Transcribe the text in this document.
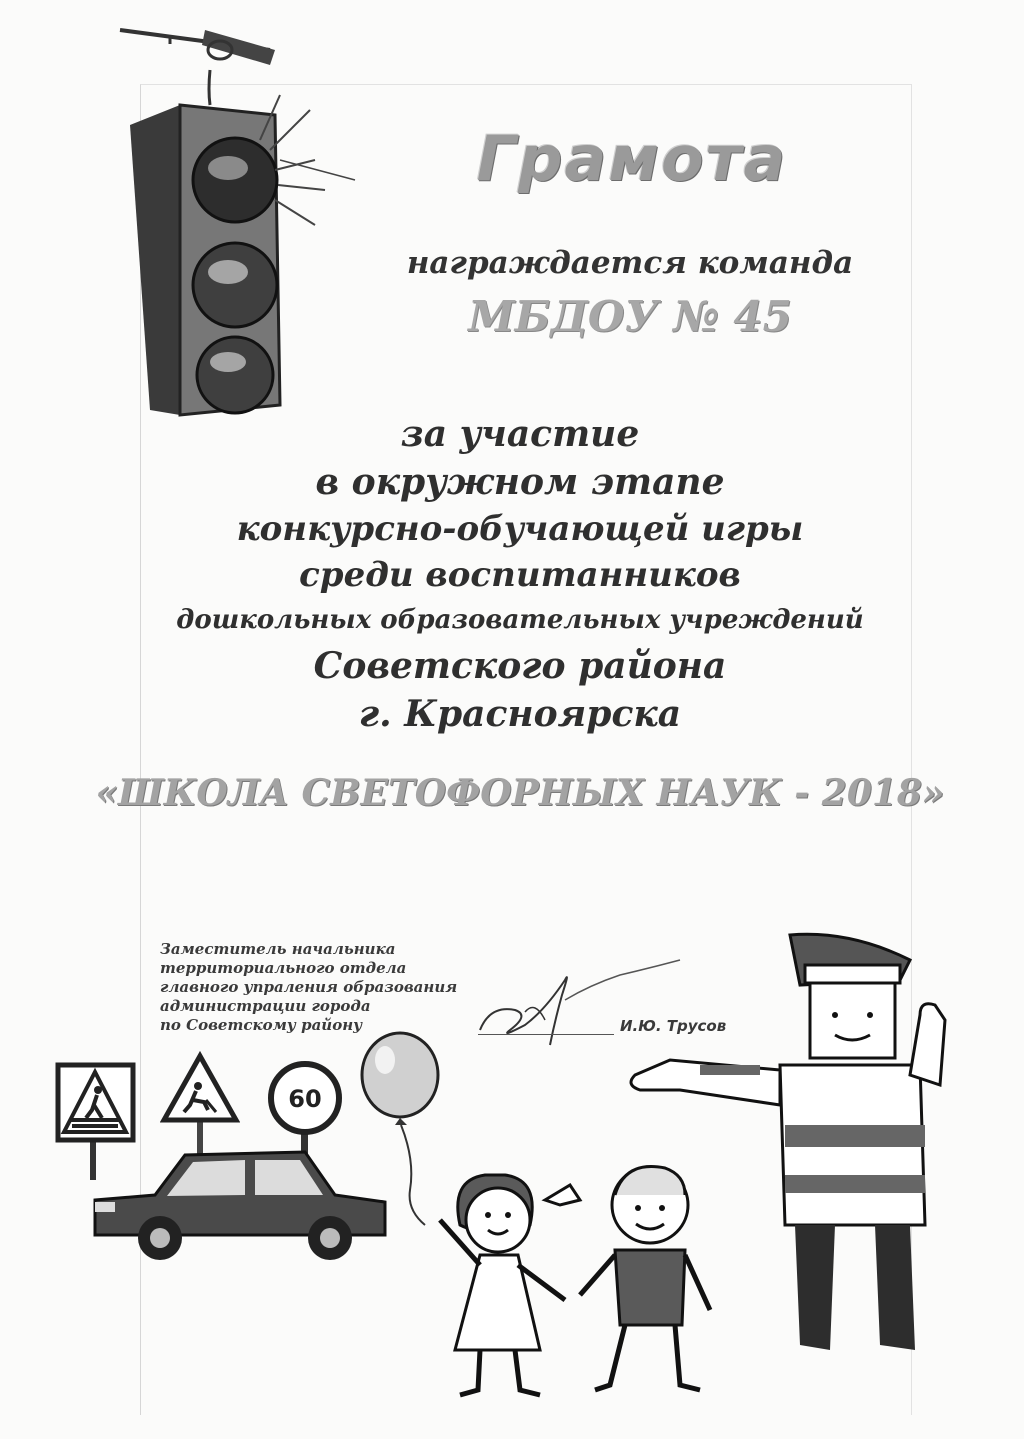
Грамота
награждается команда
МБДОУ № 45
за участие
в окружном этапе
конкурсно-обучающей игры
среди воспитанников
дошкольных образовательных учреждений
Советского района
г. Красноярска
«ШКОЛА СВЕТОФОРНЫХ НАУК - 2018»
Заместитель начальника
территориального отдела
главного упраления образования
администрации города
по Советскому району	И.Ю. Трусов
60
